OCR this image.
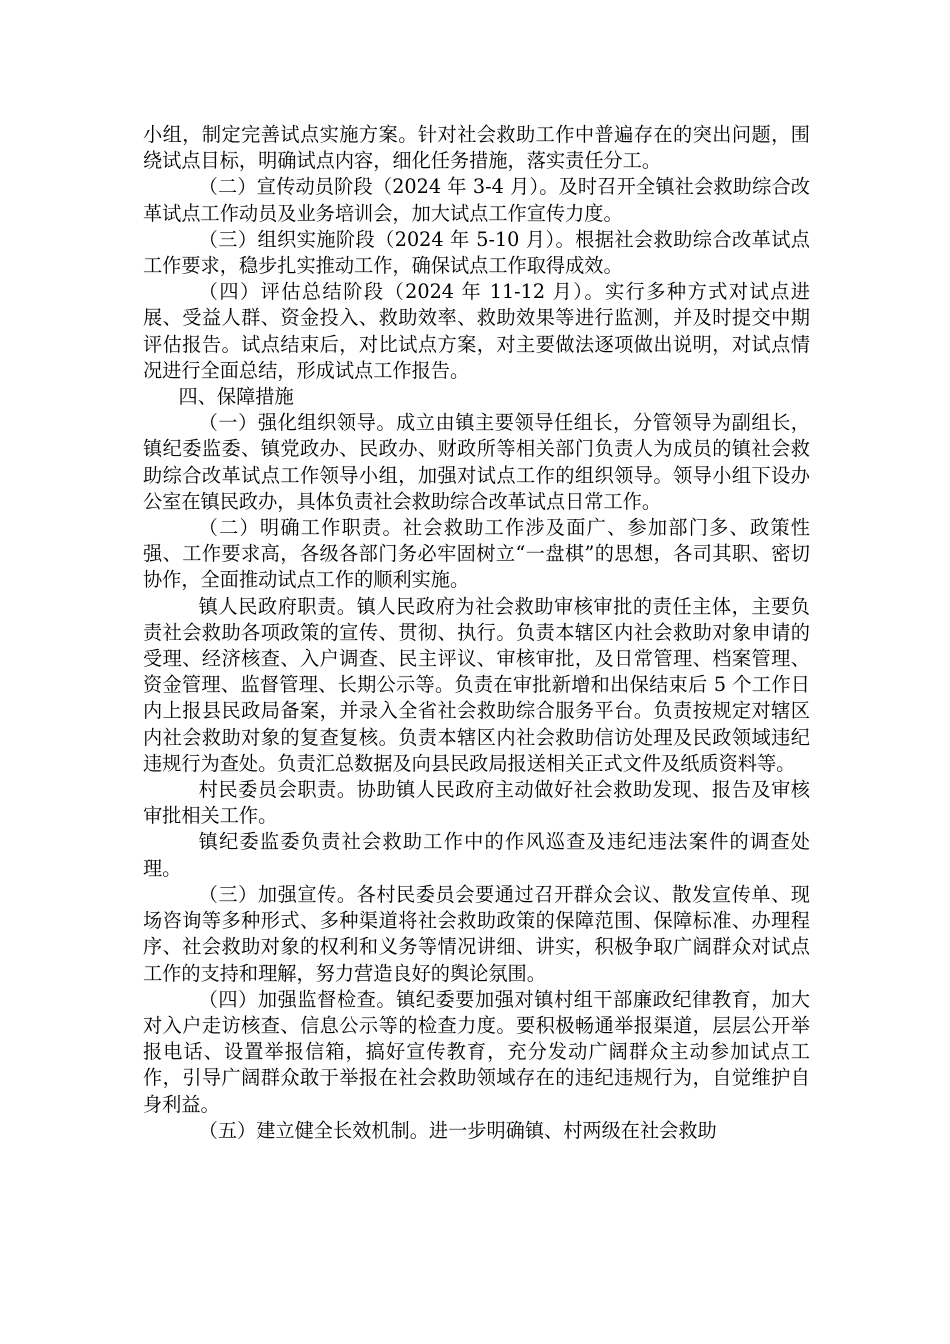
小组，制定完善试点实施方案。针对社会救助工作中普遍存在的突出问题，围绕试点目标，明确试点内容，细化任务措施，落实责任分工。

（二）宣传动员阶段（2024 年 3-4 月）。及时召开全镇社会救助综合改革试点工作动员及业务培训会，加大试点工作宣传力度。

（三）组织实施阶段（2024 年 5-10 月）。根据社会救助综合改革试点工作要求，稳步扎实推动工作，确保试点工作取得成效。

（四）评估总结阶段（2024 年 11-12 月）。实行多种方式对试点进展、受益人群、资金投入、救助效率、救助效果等进行监测，并及时提交中期评估报告。试点结束后，对比试点方案，对主要做法逐项做出说明，对试点情况进行全面总结，形成试点工作报告。

四、保障措施

（一）强化组织领导。成立由镇主要领导任组长，分管领导为副组长，镇纪委监委、镇党政办、民政办、财政所等相关部门负责人为成员的镇社会救助综合改革试点工作领导小组，加强对试点工作的组织领导。领导小组下设办公室在镇民政办，具体负责社会救助综合改革试点日常工作。

（二）明确工作职责。社会救助工作涉及面广、参加部门多、政策性强、工作要求高，各级各部门务必牢固树立“一盘棋”的思想，各司其职、密切协作，全面推动试点工作的顺利实施。

镇人民政府职责。镇人民政府为社会救助审核审批的责任主体，主要负责社会救助各项政策的宣传、贯彻、执行。负责本辖区内社会救助对象申请的受理、经济核查、入户调查、民主评议、审核审批，及日常管理、档案管理、资金管理、监督管理、长期公示等。负责在审批新增和出保结束后 5 个工作日内上报县民政局备案，并录入全省社会救助综合服务平台。负责按规定对辖区内社会救助对象的复查复核。负责本辖区内社会救助信访处理及民政领域违纪违规行为查处。负责汇总数据及向县民政局报送相关正式文件及纸质资料等。

村民委员会职责。协助镇人民政府主动做好社会救助发现、报告及审核审批相关工作。

镇纪委监委负责社会救助工作中的作风巡查及违纪违法案件的调查处理。

（三）加强宣传。各村民委员会要通过召开群众会议、散发宣传单、现场咨询等多种形式、多种渠道将社会救助政策的保障范围、保障标准、办理程序、社会救助对象的权利和义务等情况讲细、讲实，积极争取广阔群众对试点工作的支持和理解，努力营造良好的舆论氛围。

（四）加强监督检查。镇纪委要加强对镇村组干部廉政纪律教育，加大对入户走访核查、信息公示等的检查力度。要积极畅通举报渠道，层层公开举报电话、设置举报信箱，搞好宣传教育，充分发动广阔群众主动参加试点工作，引导广阔群众敢于举报在社会救助领域存在的违纪违规行为，自觉维护自身利益。

（五）建立健全长效机制。进一步明确镇、村两级在社会救助
